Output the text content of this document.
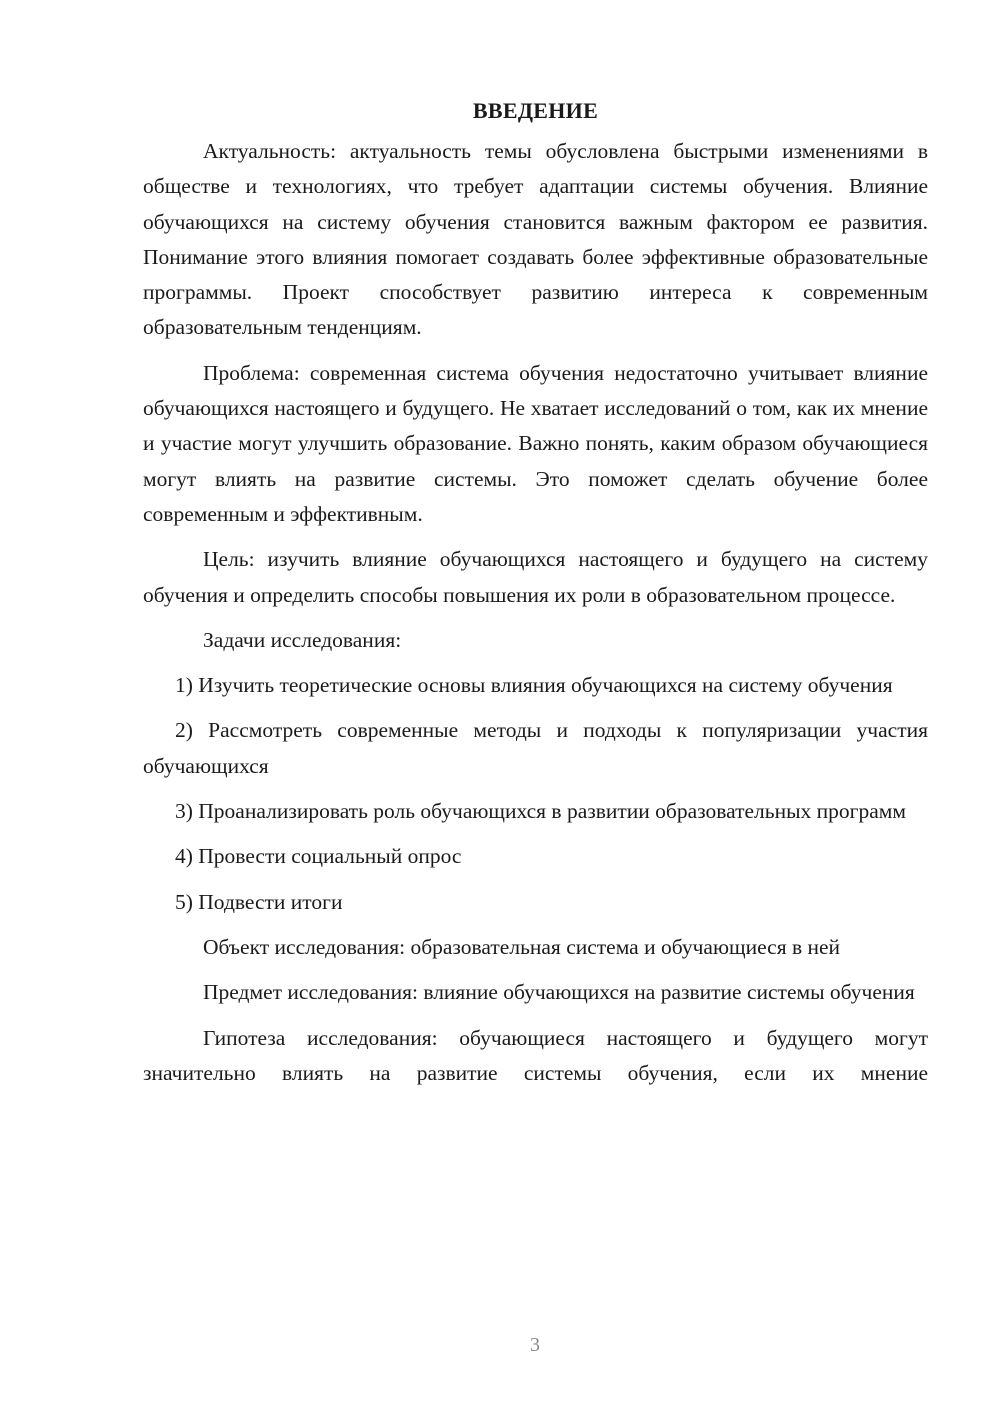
ВВЕДЕНИЕ

Актуальность: актуальность темы обусловлена быстрыми изменениями в обществе и технологиях, что требует адаптации системы обучения. Влияние обучающихся на систему обучения становится важным фактором ее развития. Понимание этого влияния помогает создавать более эффективные образовательные программы. Проект способствует развитию интереса к современным образовательным тенденциям.

Проблема: современная система обучения недостаточно учитывает влияние обучающихся настоящего и будущего. Не хватает исследований о том, как их мнение и участие могут улучшить образование. Важно понять, каким образом обучающиеся могут влиять на развитие системы. Это поможет сделать обучение более современным и эффективным.

Цель: изучить влияние обучающихся настоящего и будущего на систему обучения и определить способы повышения их роли в образовательном процессе.

Задачи исследования:

1) Изучить теоретические основы влияния обучающихся на систему обучения

2) Рассмотреть современные методы и подходы к популяризации участия обучающихся

3) Проанализировать роль обучающихся в развитии образовательных программ

4) Провести социальный опрос

5) Подвести итоги

Объект исследования: образовательная система и обучающиеся в ней

Предмет исследования: влияние обучающихся на развитие системы обучения

Гипотеза исследования: обучающиеся настоящего и будущего могут значительно влиять на развитие системы обучения, если их мнение

3
